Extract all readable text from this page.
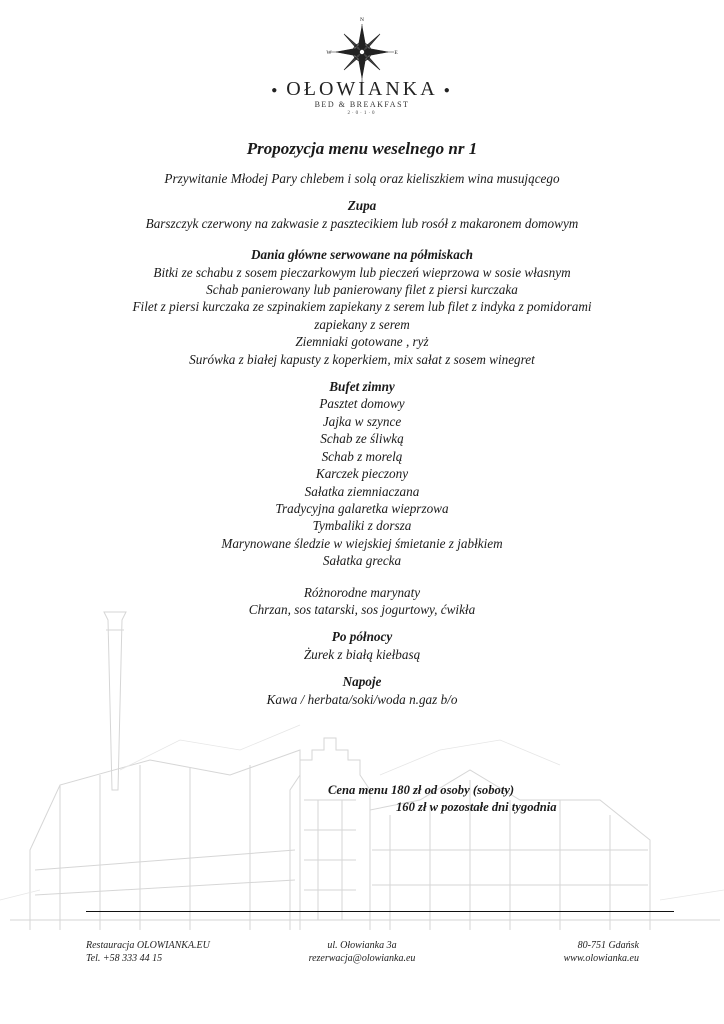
N
W	E
● OŁOWIANKA ●
BED & BREAKFAST
2·0·1·0

Propozycja menu weselnego nr 1

Przywitanie Młodej Pary chlebem i solą oraz kieliszkiem wina musującego

Zupa

Barszczyk czerwony na zakwasie z pasztecikiem lub rosół z makaronem domowym

Dania główne serwowane na półmiskach

Bitki ze schabu z sosem pieczarkowym lub pieczeń wieprzowa w sosie własnym

Schab panierowany lub panierowany filet z piersi kurczaka

Filet z piersi kurczaka ze szpinakiem zapiekany z serem lub filet z indyka z pomidorami

zapiekany z serem

Ziemniaki gotowane , ryż

Surówka z białej kapusty z koperkiem, mix sałat z sosem winegret

Bufet zimny

Pasztet domowy

Jajka w szynce

Schab ze śliwką

Schab z morelą

Karczek pieczony

Sałatka ziemniaczana

Tradycyjna galaretka wieprzowa

Tymbaliki z dorsza

Marynowane śledzie w wiejskiej śmietanie z jabłkiem

Sałatka grecka

Różnorodne marynaty

Chrzan, sos tatarski, sos jogurtowy, ćwikła

Po północy

Żurek z białą kiełbasą

Napoje

Kawa / herbata/soki/woda n.gaz b/o

Cena menu 180 zł od osoby (soboty)
160 zł w pozostałe dni tygodnia
Restauracja OLOWIANKA.EU
Tel. +58 333 44 15
ul. Ołowianka 3a
rezerwacja@olowianka.eu
80-751 Gdańsk
www.olowianka.eu
